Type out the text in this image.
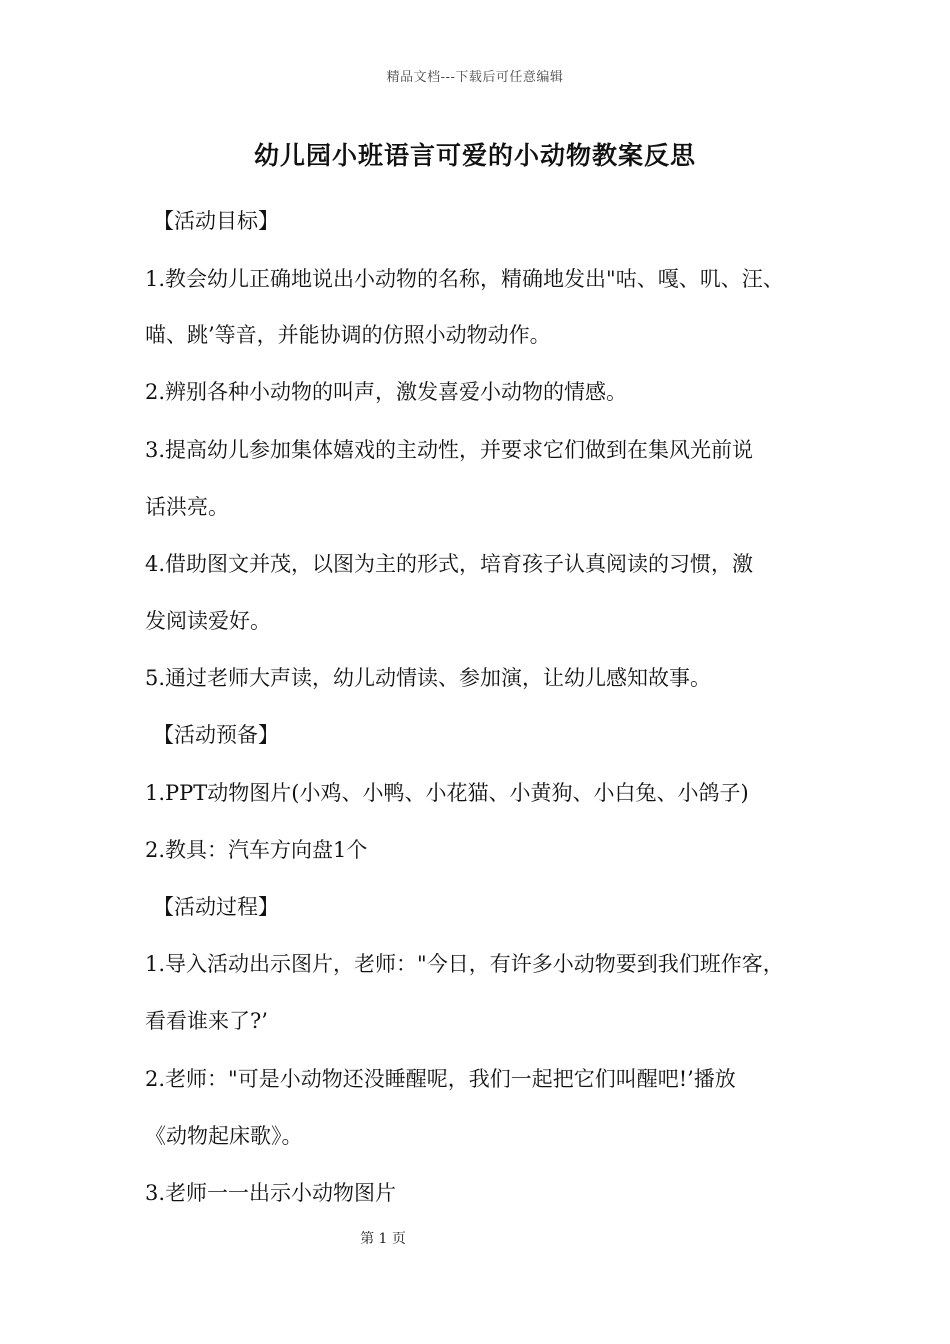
精品文档---下载后可任意编辑
幼儿园小班语言可爱的小动物教案反思
【活动目标】
1.教会幼儿正确地说出小动物的名称，精确地发出"咕、嘎、叽、汪、
喵、跳’等音，并能协调的仿照小动物动作。
2.辨别各种小动物的叫声，激发喜爱小动物的情感。
3.提高幼儿参加集体嬉戏的主动性，并要求它们做到在集风光前说
话洪亮。
4.借助图文并茂，以图为主的形式，培育孩子认真阅读的习惯，激
发阅读爱好。
5.通过老师大声读，幼儿动情读、参加演，让幼儿感知故事。
【活动预备】
1.PPT动物图片(小鸡、小鸭、小花猫、小黄狗、小白兔、小鸽子)
2.教具：汽车方向盘1个
【活动过程】
1.导入活动出示图片，老师："今日，有许多小动物要到我们班作客，
看看谁来了?’
2.老师："可是小动物还没睡醒呢，我们一起把它们叫醒吧!’播放
《动物起床歌》。
3.老师一一出示小动物图片
第 1 页
